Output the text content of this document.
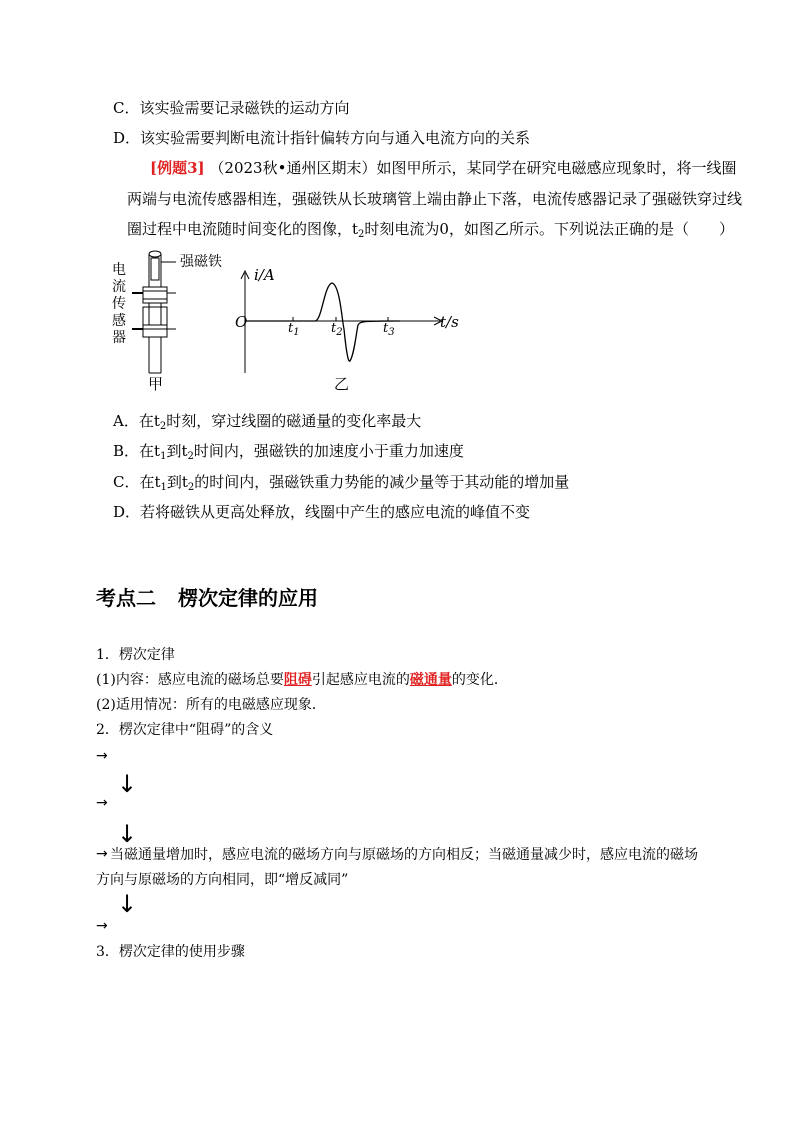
C．该实验需要记录磁铁的运动方向
D．该实验需要判断电流计指针偏转方向与通入电流方向的关系
[例题3] （2023秋•通州区期末）如图甲所示，某同学在研究电磁感应现象时，将一线圈
两端与电流传感器相连，强磁铁从长玻璃管上端由静止下落，电流传感器记录了强磁铁穿过线
圈过程中电流随时间变化的图像，$t_2$时刻电流为0，如图乙所示。下列说法正确的是（　　）
强磁铁
电
流
传
感
器
甲	乙
i/A
t/s
O	$t_1$ $t_2$	$t_3$
A．在$t_2$时刻，穿过线圈的磁通量的变化率最大
B．在$t_1$到$t_2$时间内，强磁铁的加速度小于重力加速度
C．在$t_1$到$t_2$的时间内，强磁铁重力势能的减少量等于其动能的增加量
D．若将磁铁从更高处释放，线圈中产生的感应电流的峰值不变
考点二 楞次定律的应用
1．楞次定律
(1)内容：感应电流的磁场总要阻碍引起感应电流的磁通量的变化．
(2)适用情况：所有的电磁感应现象．
2．楞次定律中“阻碍”的含义
→
↓
→
↓
→ 当磁通量增加时，感应电流的磁场方向与原磁场的方向相反；当磁通量减少时，感应电流的磁场
方向与原磁场的方向相同，即“增反减同”
↓
→
3．楞次定律的使用步骤
